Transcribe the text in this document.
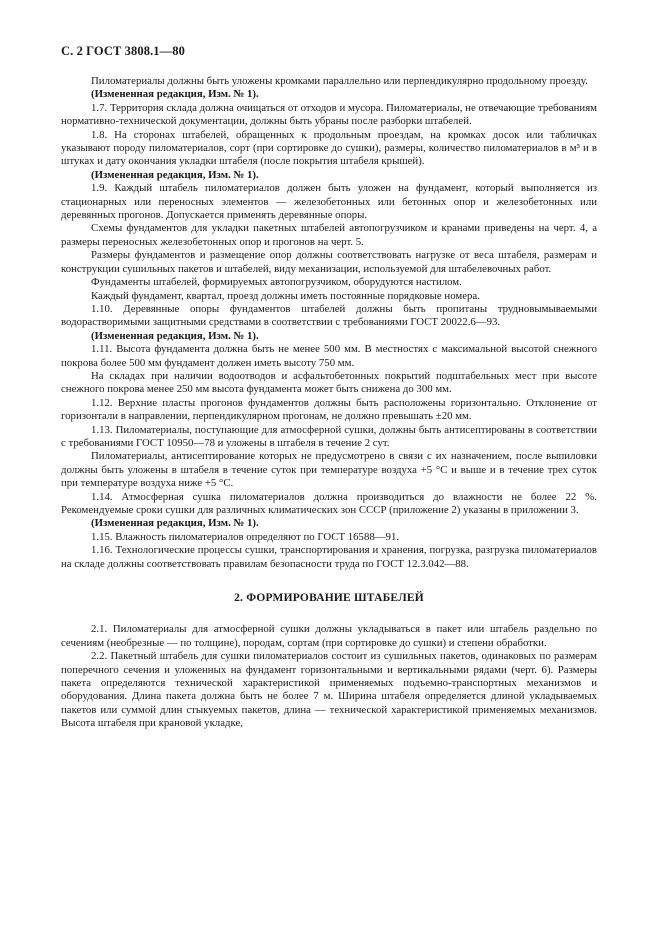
С. 2 ГОСТ 3808.1—80

Пиломатериалы должны быть уложены кромками параллельно или перпендикулярно продольному проезду.

(Измененная редакция, Изм. № 1).

1.7. Территория склада должна очищаться от отходов и мусора. Пиломатериалы, не отвечающие требованиям нормативно-технической документации, должны быть убраны после разборки штабелей.

1.8. На сторонах штабелей, обращенных к продольным проездам, на кромках досок или табличках указывают породу пиломатериалов, сорт (при сортировке до сушки), размеры, количество пиломатериалов в м³ и в штуках и дату окончания укладки штабеля (после покрытия штабеля крышей).

(Измененная редакция, Изм. № 1).

1.9. Каждый штабель пиломатериалов должен быть уложен на фундамент, который выполняется из стационарных или переносных элементов — железобетонных или бетонных опор и железобетонных или деревянных прогонов. Допускается применять деревянные опоры.

Схемы фундаментов для укладки пакетных штабелей автопогрузчиком и кранами приведены на черт. 4, а размеры переносных железобетонных опор и прогонов на черт. 5.

Размеры фундаментов и размещение опор должны соответствовать нагрузке от веса штабеля, размерам и конструкции сушильных пакетов и штабелей, виду механизации, используемой для штабелевочных работ.

Фундаменты штабелей, формируемых автопогрузчиком, оборудуются настилом.

Каждый фундамент, квартал, проезд должны иметь постоянные порядковые номера.

1.10. Деревянные опоры фундаментов штабелей должны быть пропитаны трудновымываемыми водорастворимыми защитными средствами в соответствии с требованиями ГОСТ 20022.6—93.

(Измененная редакция, Изм. № 1).

1.11. Высота фундамента должна быть не менее 500 мм. В местностях с максимальной высотой снежного покрова более 500 мм фундамент должен иметь высоту 750 мм.

На складах при наличии водоотводов и асфальтобетонных покрытий подштабельных мест при высоте снежного покрова менее 250 мм высота фундамента может быть снижена до 300 мм.

1.12. Верхние пласты прогонов фундаментов должны быть расположены горизонтально. Отклонение от горизонтали в направлении, перпендикулярном прогонам, не должно превышать ±20 мм.

1.13. Пиломатериалы, поступающие для атмосферной сушки, должны быть антисептированы в соответствии с требованиями ГОСТ 10950—78 и уложены в штабеля в течение 2 сут.

Пиломатериалы, антисептирование которых не предусмотрено в связи с их назначением, после выпиловки должны быть уложены в штабеля в течение суток при температуре воздуха +5 °С и выше и в течение трех суток при температуре воздуха ниже +5 °С.

1.14. Атмосферная сушка пиломатериалов должна производиться до влажности не более 22 %. Рекомендуемые сроки сушки для различных климатических зон СССР (приложение 2) указаны в приложении 3.

(Измененная редакция, Изм. № 1).

1.15. Влажность пиломатериалов определяют по ГОСТ 16588—91.

1.16. Технологические процессы сушки, транспортирования и хранения, погрузка, разгрузка пиломатериалов на складе должны соответствовать правилам безопасности труда по ГОСТ 12.3.042—88.

2. ФОРМИРОВАНИЕ ШТАБЕЛЕЙ

2.1. Пиломатериалы для атмосферной сушки должны укладываться в пакет или штабель раздельно по сечениям (необрезные — по толщине), породам, сортам (при сортировке до сушки) и степени обработки.

2.2. Пакетный штабель для сушки пиломатериалов состоит из сушильных пакетов, одинаковых по размерам поперечного сечения и уложенных на фундамент горизонтальными и вертикальными рядами (черт. 6). Размеры пакета определяются технической характеристикой применяемых подъемно-транспортных механизмов и оборудования. Длина пакета должна быть не более 7 м. Ширина штабеля определяется длиной укладываемых пакетов или суммой длин стыкуемых пакетов, длина — технической характеристикой применяемых механизмов. Высота штабеля при крановой укладке,
